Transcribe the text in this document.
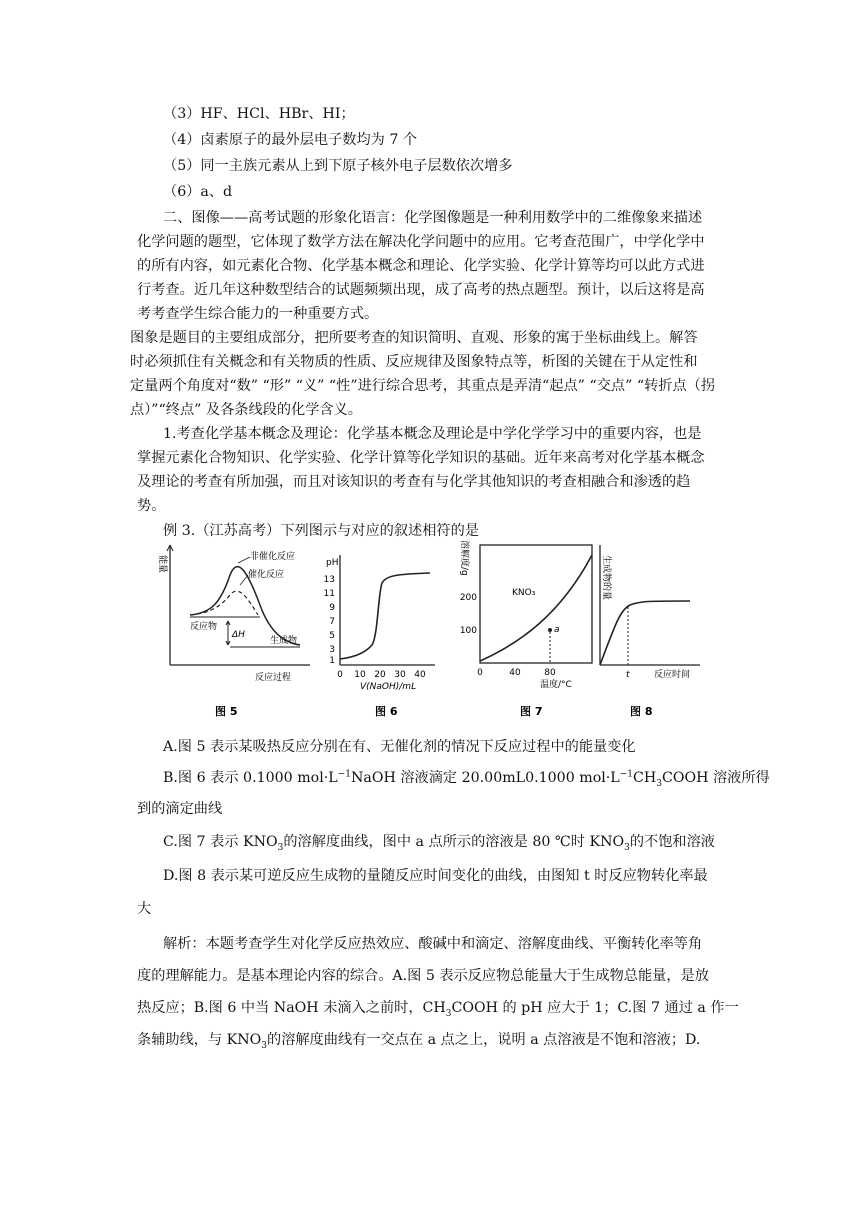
（3）HF、HCl、HBr、HI；
（4）卤素原子的最外层电子数均为 7 个
（5）同一主族元素从上到下原子核外电子层数依次增多
（6）a、d
二、图像——高考试题的形象化语言：化学图像题是一种利用数学中的二维像象来描述
化学问题的题型，它体现了数学方法在解决化学问题中的应用。它考查范围广，中学化学中
的所有内容，如元素化合物、化学基本概念和理论、化学实验、化学计算等均可以此方式进
行考查。近几年这种数型结合的试题频频出现，成了高考的热点题型。预计，以后这将是高
考考查学生综合能力的一种重要方式。
图象是题目的主要组成部分，把所要考查的知识简明、直观、形象的寓于坐标曲线上。解答
时必须抓住有关概念和有关物质的性质、反应规律及图象特点等，析图的关键在于从定性和
定量两个角度对“数” “形” “义” “性”进行综合思考，其重点是弄清“起点” “交点” “转折点（拐
点）”“终点” 及各条线段的化学含义。
1.考查化学基本概念及理论：化学基本概念及理论是中学化学学习中的重要内容，也是
掌握元素化合物知识、化学实验、化学计算等化学知识的基础。近年来高考对化学基本概念
及理论的考查有所加强，而且对该知识的考查有与化学其他知识的考查相融合和渗透的趋
势。
例 3.（江苏高考）下列图示与对应的叙述相符的是
能量
反应物
ΔH
生成物
非催化反应
催化反应
反应过程
图 5
pH
13
11
9
7
5
3
1
0 10 20 30 40
V(NaOH)/mL
图 6
溶解度/g
200
100
0	40	80
KNO₃
a
温度/°C
图 7
生成物的量
t	反应时间
图 8
A.图 5 表示某吸热反应分别在有、无催化剂的情况下反应过程中的能量变化
B.图 6 表示 0.1000 $mol\cdot L^{-1}NaOH$ 溶液滴定 20.00mL0.1000 $mol\cdot L^{-1}CH_3COOH$ 溶液所得
到的滴定曲线
C.图 7 表示 $KNO_3$的溶解度曲线，图中 a 点所示的溶液是 80 ℃时 $KNO_3$的不饱和溶液
D.图 8 表示某可逆反应生成物的量随反应时间变化的曲线，由图知 t 时反应物转化率最
大
解析：本题考查学生对化学反应热效应、酸碱中和滴定、溶解度曲线、平衡转化率等角
度的理解能力。是基本理论内容的综合。A.图 5 表示反应物总能量大于生成物总能量，是放
热反应；B.图 6 中当 NaOH 未滴入之前时，$CH_3COOH$ 的 pH 应大于 1；C.图 7 通过 a 作一
条辅助线，与 $KNO_3$的溶解度曲线有一交点在 a 点之上，说明 a 点溶液是不饱和溶液；D.
